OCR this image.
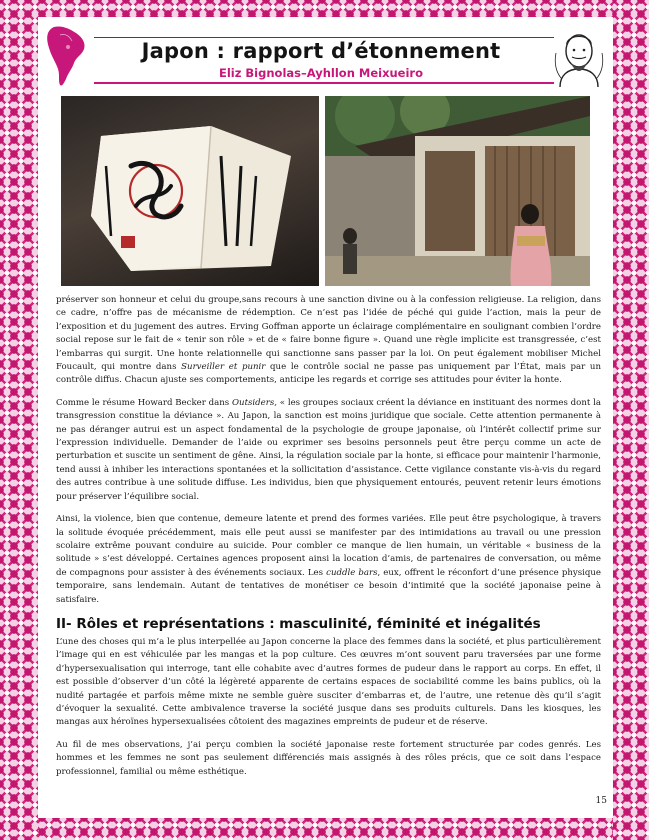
Japon : rapport d’étonnement
Eliz Bignolas–Ayhllon Meixueiro

préserver son honneur et celui du groupe,sans recours à une sanction divine ou à la confession religieuse. La religion, dans ce cadre, n’offre pas de mécanisme de rédemption. Ce n’est pas l’idée de péché qui guide l’action, mais la peur de l’exposition et du jugement des autres. Erving Goffman apporte un éclairage complémentaire en soulignant combien l’ordre social repose sur le fait de « tenir son rôle » et de « faire bonne figure ». Quand une règle implicite est transgressée, c’est l’embarras qui surgit. Une honte relationnelle qui sanctionne sans passer par la loi. On peut également mobiliser Michel Foucault, qui montre dans Surveiller et punir que le contrôle social ne passe pas uniquement par l’État, mais par un contrôle diffus. Chacun ajuste ses comportements, anticipe les regards et corrige ses attitudes pour éviter la honte.

Comme le résume Howard Becker dans Outsiders, « les groupes sociaux créent la déviance en instituant des normes dont la transgression constitue la déviance ». Au Japon, la sanction est moins juridique que sociale. Cette attention permanente à ne pas déranger autrui est un aspect fondamental de la psychologie de groupe japonaise, où l’intérêt collectif prime sur l’expression individuelle. Demander de l’aide ou exprimer ses besoins personnels peut être perçu comme un acte de perturbation et suscite un sentiment de gêne. Ainsi, la régulation sociale par la honte, si efficace pour maintenir l’harmonie, tend aussi à inhiber les interactions spontanées et la sollicitation d’assistance. Cette vigilance constante vis-à-vis du regard des autres contribue à une solitude diffuse. Les individus, bien que physiquement entourés, peuvent retenir leurs émotions pour préserver l’équilibre social.

Ainsi, la violence, bien que contenue, demeure latente et prend des formes variées. Elle peut être psychologique, à travers la solitude évoquée précédemment, mais elle peut aussi se manifester par des intimidations au travail ou une pression scolaire extrême pouvant conduire au suicide. Pour combler ce manque de lien humain, un véritable « business de la solitude » s’est développé. Certaines agences proposent ainsi la location d’amis, de partenaires de conversation, ou même de compagnons pour assister à des événements sociaux. Les cuddle bars, eux, offrent le réconfort d’une présence physique temporaire, sans lendemain. Autant de tentatives de monétiser ce besoin d’intimité que la société japonaise peine à satisfaire.

II- Rôles et représentations : masculinité, féminité et inégalités

L’une des choses qui m’a le plus interpellée au Japon concerne la place des femmes dans la société, et plus particulièrement l’image qui en est véhiculée par les mangas et la pop culture. Ces œuvres m’ont souvent paru traversées par une forme d’hypersexualisation qui interroge, tant elle cohabite avec d’autres formes de pudeur dans le rapport au corps. En effet, il est possible d’observer d’un côté la légèreté apparente de certains espaces de sociabilité comme les bains publics, où la nudité partagée et parfois même mixte ne semble guère susciter d’embarras et, de l’autre, une retenue dès qu’il s’agit d’évoquer la sexualité. Cette ambivalence traverse la société jusque dans ses produits culturels. Dans les kiosques, les mangas aux héroïnes hypersexualisées côtoient des magazines empreints de pudeur et de réserve.

Au fil de mes observations, j’ai perçu combien la société japonaise reste fortement structurée par codes genrés. Les hommes et les femmes ne sont pas seulement différenciés mais assignés à des rôles précis, que ce soit dans l’espace professionnel, familial ou même esthétique.

15
